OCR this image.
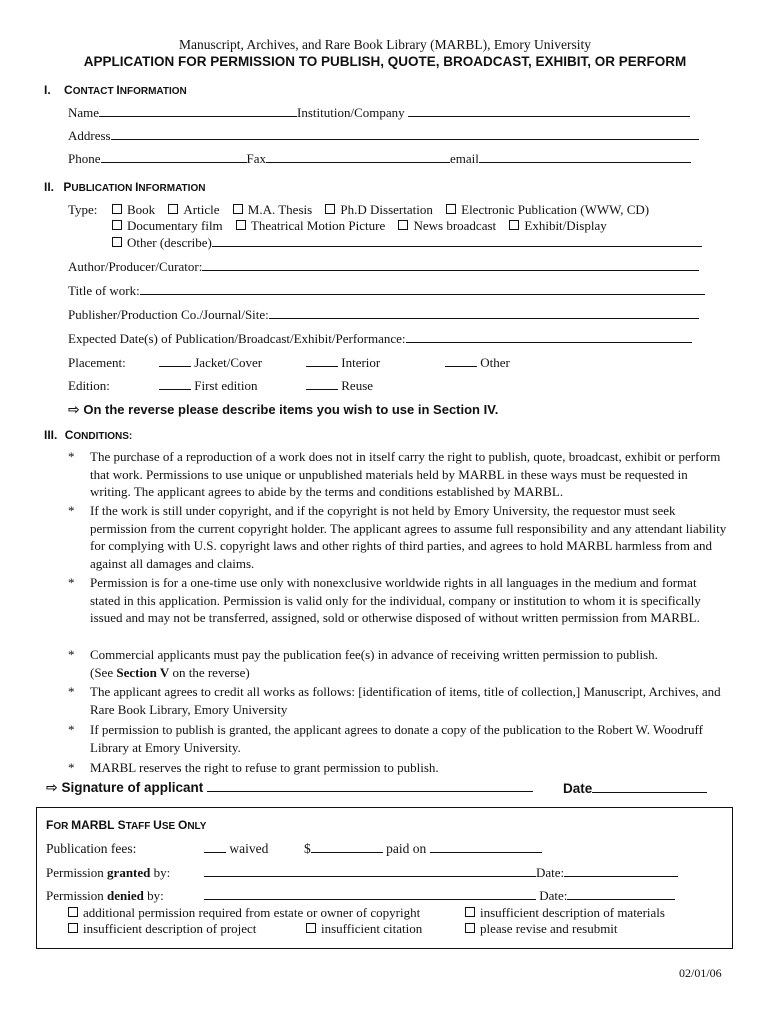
Manuscript, Archives, and Rare Book Library (MARBL), Emory University
APPLICATION FOR PERMISSION TO PUBLISH, QUOTE, BROADCAST, EXHIBIT, OR PERFORM
I. CONTACT INFORMATION
Name	Institution/Company
Address
Phone	Fax	email
II. PUBLICATION INFORMATION
Type:	Book Article M.A. Thesis Ph.D Dissertation Electronic Publication (WWW, CD)
Documentary film Theatrical Motion Picture News broadcast Exhibit/Display
Other (describe)
Author/Producer/Curator:
Title of work:
Publisher/Production Co./Journal/Site:
Expected Date(s) of Publication/Broadcast/Exhibit/Performance:
Placement:	Jacket/Cover	Interior	Other
Edition:	First edition	Reuse
⇨ On the reverse please describe items you wish to use in Section IV.
III. CONDITIONS:
* The purchase of a reproduction of a work does not in itself carry the right to publish, quote, broadcast, exhibit or perform that work. Permissions to use unique or unpublished materials held by MARBL in these ways must be requested in writing. The applicant agrees to abide by the terms and conditions established by MARBL.
* If the work is still under copyright, and if the copyright is not held by Emory University, the requestor must seek permission from the current copyright holder. The applicant agrees to assume full responsibility and any attendant liability for complying with U.S. copyright laws and other rights of third parties, and agrees to hold MARBL harmless from and against all damages and claims.
* Permission is for a one-time use only with nonexclusive worldwide rights in all languages in the medium and format stated in this application. Permission is valid only for the individual, company or institution to whom it is specifically issued and may not be transferred, assigned, sold or otherwise disposed of without written permission from MARBL.
* Commercial applicants must pay the publication fee(s) in advance of receiving written permission to publish.
(See Section V on the reverse)
* The applicant agrees to credit all works as follows: [identification of items, title of collection,] Manuscript, Archives, and Rare Book Library, Emory University
* If permission to publish is granted, the applicant agrees to donate a copy of the publication to the Robert W. Woodruff Library at Emory University.
* MARBL reserves the right to refuse to grant permission to publish.
⇨ Signature of applicant	Date
FOR MARBL STAFF USE ONLY
Publication fees:	waived	$	paid on
Permission granted by:	Date:
Permission denied by:	Date:
additional permission required from estate or owner of copyright	insufficient description of materials
insufficient description of project	insufficient citation	please revise and resubmit
02/01/06
